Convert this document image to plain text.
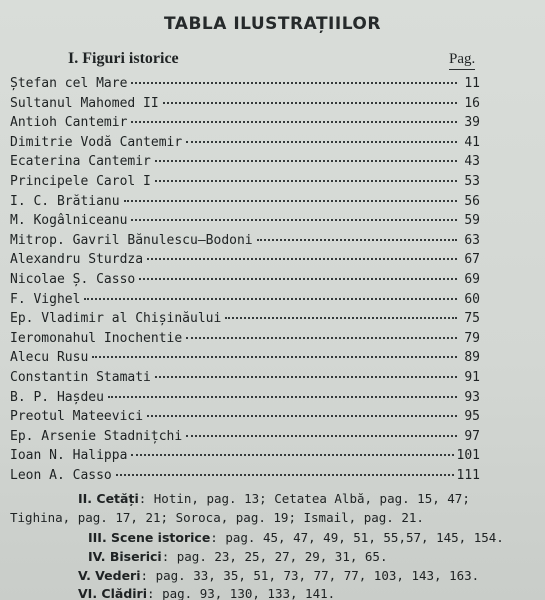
TABLA ILUSTRAȚIILOR
I. Figuri istorice	Pag.
Ștefan cel Mare	11
Sultanul Mahomed II	16
Antioh Cantemir	39
Dimitrie Vodă Cantemir	41
Ecaterina Cantemir	43
Principele Carol I	53
I. C. Brătianu	56
M. Kogâlniceanu	59
Mitrop. Gavril Bănulescu—Bodoni	63
Alexandru Sturdza	67
Nicolae Ș. Casso	69
F. Vighel	60
Ep. Vladimir al Chișinăului	75
Ieromonahul Inochentie	79
Alecu Rusu	89
Constantin Stamati	91
B. P. Hașdeu	93
Preotul Mateevici	95
Ep. Arsenie Stadnițchi	97
Ioan N. Halippa	101
Leon A. Casso	111
II. Cetăți: Hotin, pag. 13; Cetatea Albă, pag. 15, 47;
Tighina, pag. 17, 21; Soroca, pag. 19; Ismail, pag. 21.
III. Scene istorice: pag. 45, 47, 49, 51, 55,57, 145, 154.
IV. Biserici: pag. 23, 25, 27, 29, 31, 65.
V. Vederi: pag. 33, 35, 51, 73, 77, 77, 103, 143, 163.
VI. Clădiri: pag. 93, 130, 133, 141.
